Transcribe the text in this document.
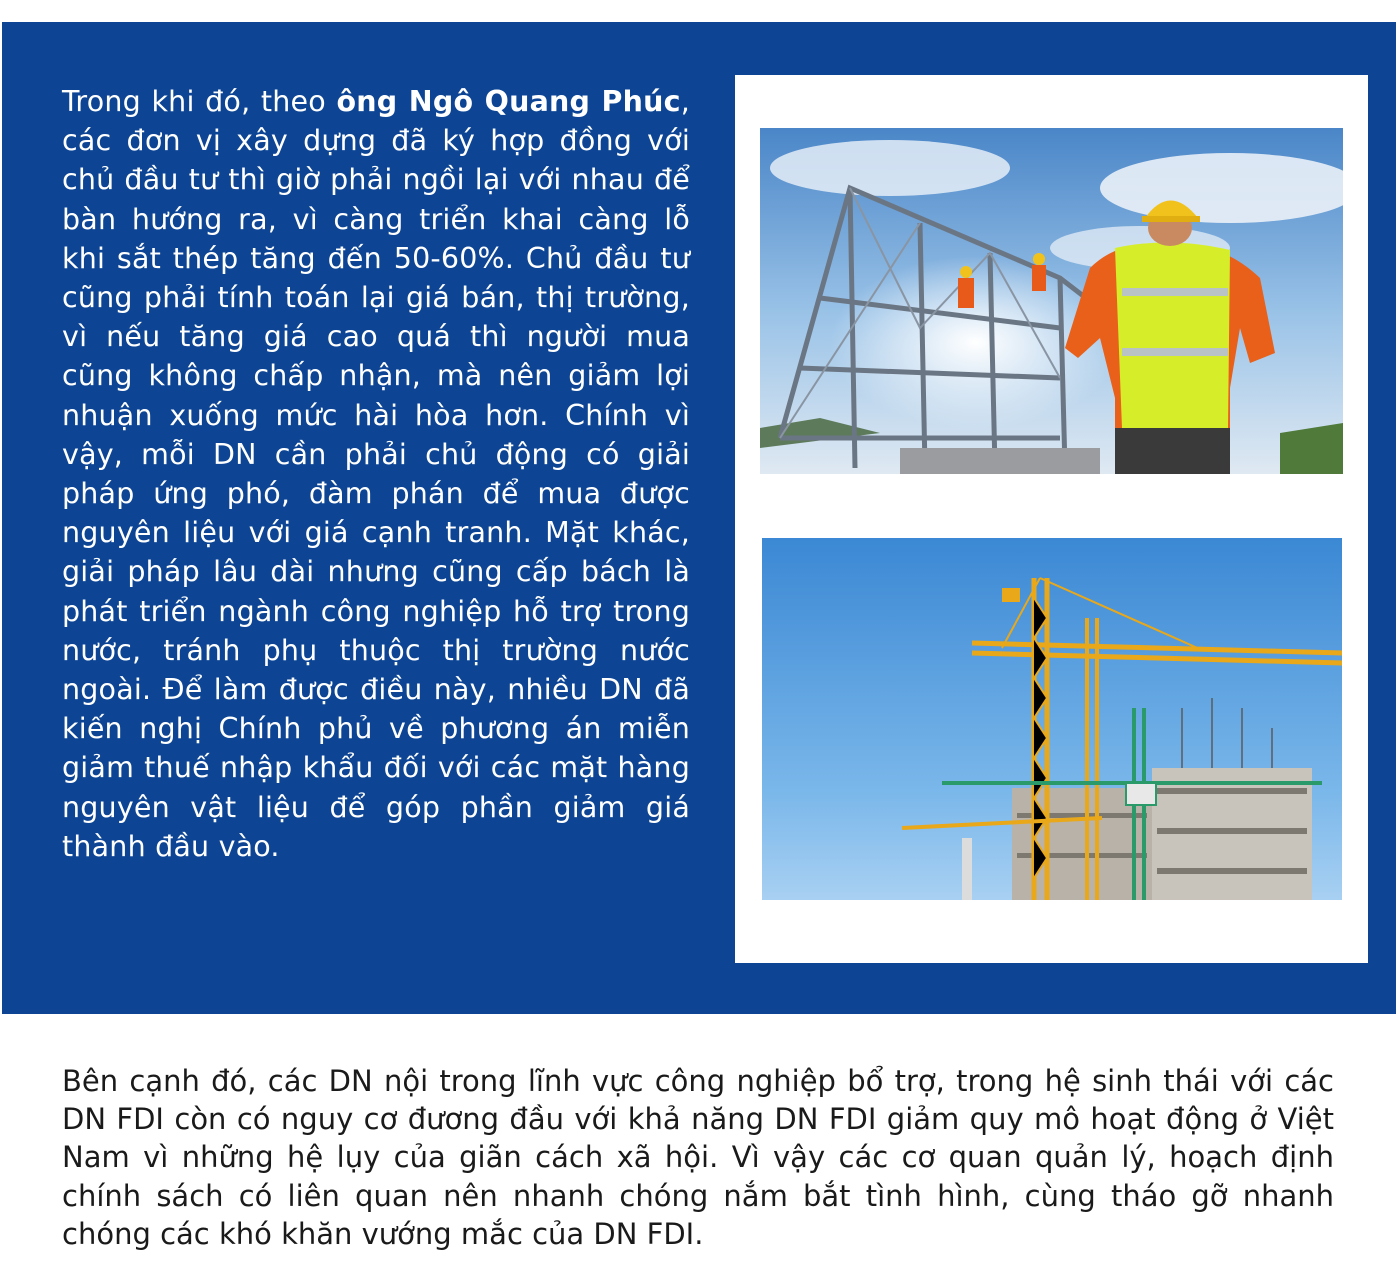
Trong khi đó, theo ông Ngô Quang Phúc, các đơn vị xây dựng đã ký hợp đồng với chủ đầu tư thì giờ phải ngồi lại với nhau để bàn hướng ra, vì càng triển khai càng lỗ khi sắt thép tăng đến 50-60%. Chủ đầu tư cũng phải tính toán lại giá bán, thị trường, vì nếu tăng giá cao quá thì người mua cũng không chấp nhận, mà nên giảm lợi nhuận xuống mức hài hòa hơn. Chính vì vậy, mỗi DN cần phải chủ động có giải pháp ứng phó, đàm phán để mua được nguyên liệu với giá cạnh tranh. Mặt khác, giải pháp lâu dài nhưng cũng cấp bách là phát triển ngành công nghiệp hỗ trợ trong nước, tránh phụ thuộc thị trường nước ngoài. Để làm được điều này, nhiều DN đã kiến nghị Chính phủ về phương án miễn giảm thuế nhập khẩu đối với các mặt hàng nguyên vật liệu để góp phần giảm giá thành đầu vào.

Bên cạnh đó, các DN nội trong lĩnh vực công nghiệp bổ trợ, trong hệ sinh thái với các DN FDI còn có nguy cơ đương đầu với khả năng DN FDI giảm quy mô hoạt động ở Việt Nam vì những hệ lụy của giãn cách xã hội. Vì vậy các cơ quan quản lý, hoạch định chính sách có liên quan nên nhanh chóng nắm bắt tình hình, cùng tháo gỡ nhanh chóng các khó khăn vướng mắc của DN FDI.
